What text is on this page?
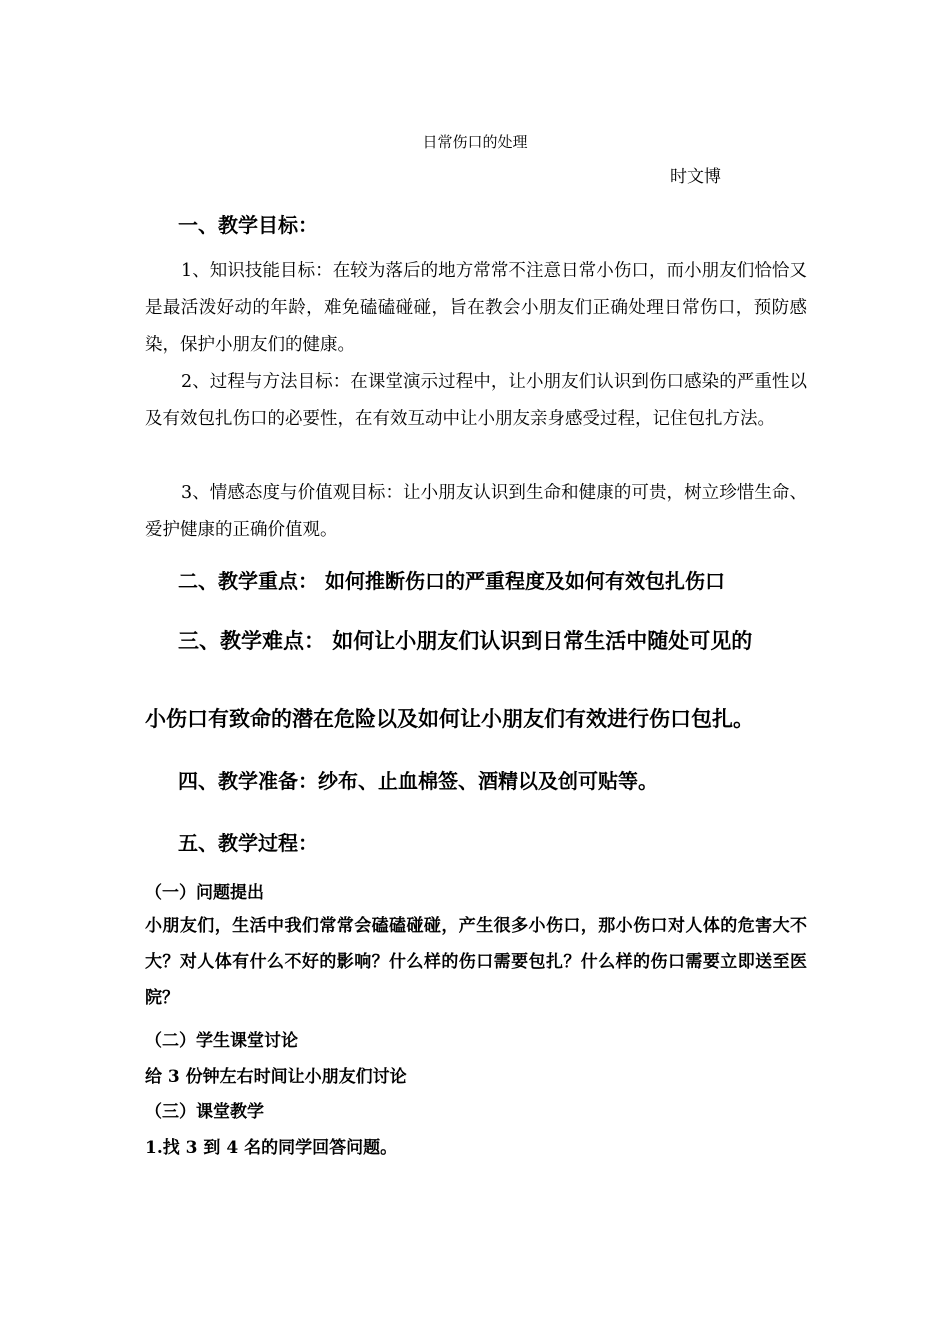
日常伤口的处理

时文博

一、教学目标：

1、知识技能目标：在较为落后的地方常常不注意日常小伤口，而小朋友们恰恰又是最活泼好动的年龄，难免磕磕碰碰，旨在教会小朋友们正确处理日常伤口，预防感染，保护小朋友们的健康。

2、过程与方法目标：在课堂演示过程中，让小朋友们认识到伤口感染的严重性以及有效包扎伤口的必要性，在有效互动中让小朋友亲身感受过程，记住包扎方法。

3、情感态度与价值观目标：让小朋友认识到生命和健康的可贵，树立珍惜生命、爱护健康的正确价值观。

二、教学重点： 如何推断伤口的严重程度及如何有效包扎伤口

三、教学难点： 如何让小朋友们认识到日常生活中随处可见的

小伤口有致命的潜在危险以及如何让小朋友们有效进行伤口包扎。

四、教学准备：纱布、止血棉签、酒精以及创可贴等。

五、教学过程：

（一）问题提出

小朋友们，生活中我们常常会磕磕碰碰，产生很多小伤口，那小伤口对人体的危害大不大？对人体有什么不好的影响？什么样的伤口需要包扎？什么样的伤口需要立即送至医院？

（二）学生课堂讨论

给 3 份钟左右时间让小朋友们讨论

（三）课堂教学

1.找 3 到 4 名的同学回答问题。
